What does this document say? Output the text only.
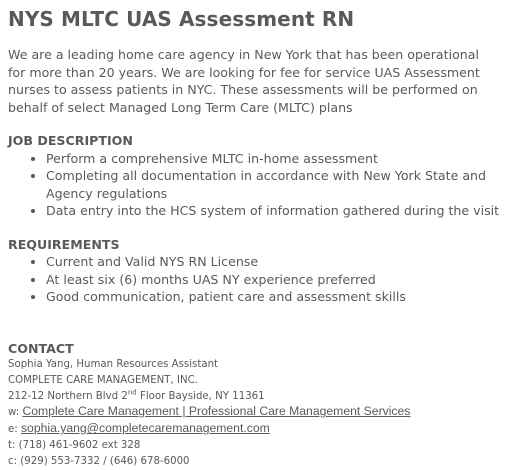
NYS MLTC UAS Assessment RN

We are a leading home care agency in New York that has been operational for more than 20 years. We are looking for fee for service UAS Assessment nurses to assess patients in NYC. These assessments will be performed on behalf of select Managed Long Term Care (MLTC) plans

JOB DESCRIPTION

• Perform a comprehensive MLTC in-home assessment
• Completing all documentation in accordance with New York State and Agency regulations
• Data entry into the HCS system of information gathered during the visit

REQUIREMENTS

• Current and Valid NYS RN License
• At least six (6) months UAS NY experience preferred
• Good communication, patient care and assessment skills

CONTACT

Sophia Yang, Human Resources Assistant
COMPLETE CARE MANAGEMENT, INC.
212-12 Northern Blvd 2nd Floor Bayside, NY 11361
w: Complete Care Management | Professional Care Management Services
e: sophia.yang@completecaremanagement.com
t: (718) 461-9602 ext 328
c: (929) 553-7332 / (646) 678-6000
